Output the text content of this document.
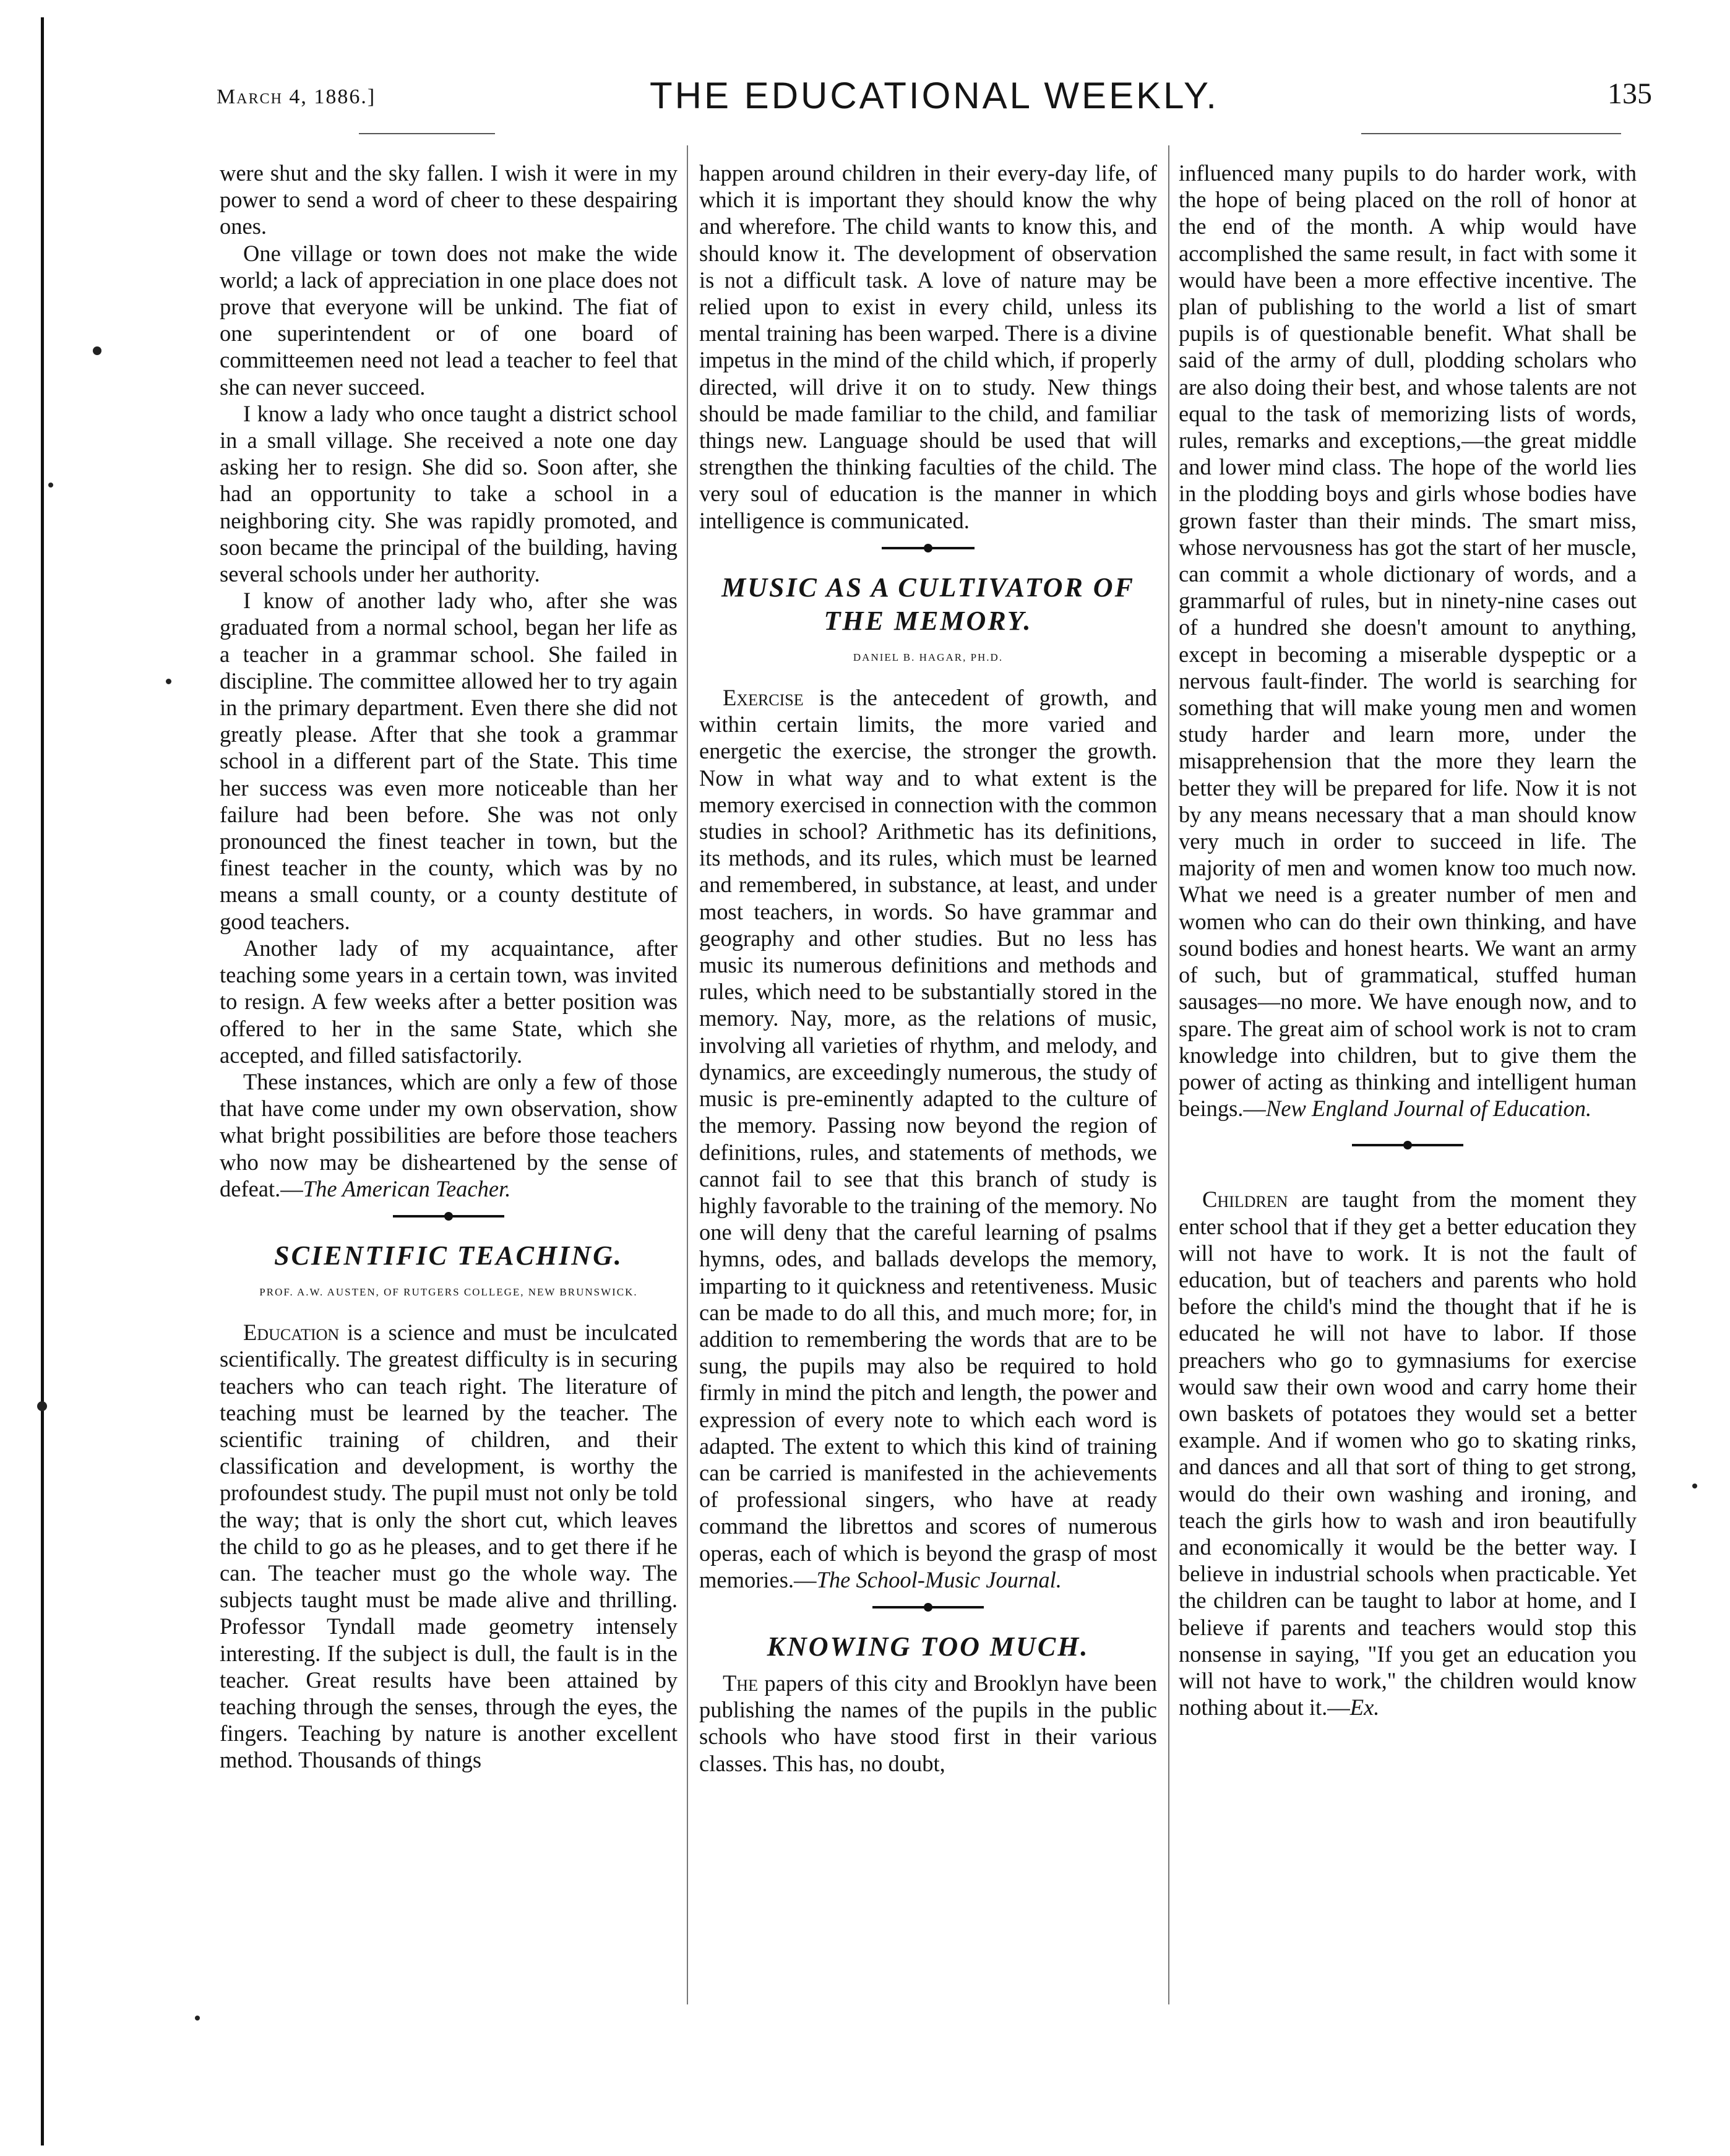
March 4, 1886.]	THE EDUCATIONAL WEEKLY.	135

were shut and the sky fallen. I wish it were in my power to send a word of cheer to these despairing ones.

One village or town does not make the wide world; a lack of appreciation in one place does not prove that everyone will be unkind. The fiat of one superintendent or of one board of committeemen need not lead a teacher to feel that she can never succeed.

I know a lady who once taught a district school in a small village. She received a note one day asking her to resign. She did so. Soon after, she had an opportunity to take a school in a neighboring city. She was rapidly promoted, and soon became the principal of the building, having several schools under her authority.

I know of another lady who, after she was graduated from a normal school, began her life as a teacher in a grammar school. She failed in discipline. The committee allowed her to try again in the primary department. Even there she did not greatly please. After that she took a grammar school in a different part of the State. This time her success was even more noticeable than her failure had been before. She was not only pronounced the finest teacher in town, but the finest teacher in the county, which was by no means a small county, or a county destitute of good teachers.

Another lady of my acquaintance, after teaching some years in a certain town, was invited to resign. A few weeks after a better position was offered to her in the same State, which she accepted, and filled satisfactorily.

These instances, which are only a few of those that have come under my own observation, show what bright possibilities are before those teachers who now may be disheartened by the sense of defeat.—The American Teacher.

SCIENTIFIC TEACHING.
PROF. A.W. AUSTEN, OF RUTGERS COLLEGE, NEW BRUNSWICK.

Education is a science and must be inculcated scientifically. The greatest difficulty is in securing teachers who can teach right. The literature of teaching must be learned by the teacher. The scientific training of children, and their classification and development, is worthy the profoundest study. The pupil must not only be told the way; that is only the short cut, which leaves the child to go as he pleases, and to get there if he can. The teacher must go the whole way. The subjects taught must be made alive and thrilling. Professor Tyndall made geometry intensely interesting. If the subject is dull, the fault is in the teacher. Great results have been attained by teaching through the senses, through the eyes, the fingers. Teaching by nature is another excellent method. Thousands of things

happen around children in their every-day life, of which it is important they should know the why and wherefore. The child wants to know this, and should know it. The development of observation is not a difficult task. A love of nature may be relied upon to exist in every child, unless its mental training has been warped. There is a divine impetus in the mind of the child which, if properly directed, will drive it on to study. New things should be made familiar to the child, and familiar things new. Language should be used that will strengthen the thinking faculties of the child. The very soul of education is the manner in which intelligence is communicated.

MUSIC AS A CULTIVATOR OF THE MEMORY.
DANIEL B. HAGAR, PH.D.

Exercise is the antecedent of growth, and within certain limits, the more varied and energetic the exercise, the stronger the growth. Now in what way and to what extent is the memory exercised in connection with the common studies in school? Arithmetic has its definitions, its methods, and its rules, which must be learned and remembered, in substance, at least, and under most teachers, in words. So have grammar and geography and other studies. But no less has music its numerous definitions and methods and rules, which need to be substantially stored in the memory. Nay, more, as the relations of music, involving all varieties of rhythm, and melody, and dynamics, are exceedingly numerous, the study of music is pre-eminently adapted to the culture of the memory. Passing now beyond the region of definitions, rules, and statements of methods, we cannot fail to see that this branch of study is highly favorable to the training of the memory. No one will deny that the careful learning of psalms hymns, odes, and ballads develops the memory, imparting to it quickness and retentiveness. Music can be made to do all this, and much more; for, in addition to remembering the words that are to be sung, the pupils may also be required to hold firmly in mind the pitch and length, the power and expression of every note to which each word is adapted. The extent to which this kind of training can be carried is manifested in the achievements of professional singers, who have at ready command the librettos and scores of numerous operas, each of which is beyond the grasp of most memories.—The School-Music Journal.

KNOWING TOO MUCH.

The papers of this city and Brooklyn have been publishing the names of the pupils in the public schools who have stood first in their various classes. This has, no doubt,

influenced many pupils to do harder work, with the hope of being placed on the roll of honor at the end of the month. A whip would have accomplished the same result, in fact with some it would have been a more effective incentive. The plan of publishing to the world a list of smart pupils is of questionable benefit. What shall be said of the army of dull, plodding scholars who are also doing their best, and whose talents are not equal to the task of memorizing lists of words, rules, remarks and exceptions,—the great middle and lower mind class. The hope of the world lies in the plodding boys and girls whose bodies have grown faster than their minds. The smart miss, whose nervousness has got the start of her muscle, can commit a whole dictionary of words, and a grammarful of rules, but in ninety-nine cases out of a hundred she doesn't amount to anything, except in becoming a miserable dyspeptic or a nervous fault-finder. The world is searching for something that will make young men and women study harder and learn more, under the misapprehension that the more they learn the better they will be prepared for life. Now it is not by any means necessary that a man should know very much in order to succeed in life. The majority of men and women know too much now. What we need is a greater number of men and women who can do their own thinking, and have sound bodies and honest hearts. We want an army of such, but of grammatical, stuffed human sausages—no more. We have enough now, and to spare. The great aim of school work is not to cram knowledge into children, but to give them the power of acting as thinking and intelligent human beings.—New England Journal of Education.

Children are taught from the moment they enter school that if they get a better education they will not have to work. It is not the fault of education, but of teachers and parents who hold before the child's mind the thought that if he is educated he will not have to labor. If those preachers who go to gymnasiums for exercise would saw their own wood and carry home their own baskets of potatoes they would set a better example. And if women who go to skating rinks, and dances and all that sort of thing to get strong, would do their own washing and ironing, and teach the girls how to wash and iron beautifully and economically it would be the better way. I believe in industrial schools when practicable. Yet the children can be taught to labor at home, and I believe if parents and teachers would stop this nonsense in saying, "If you get an education you will not have to work," the children would know nothing about it.—Ex.
